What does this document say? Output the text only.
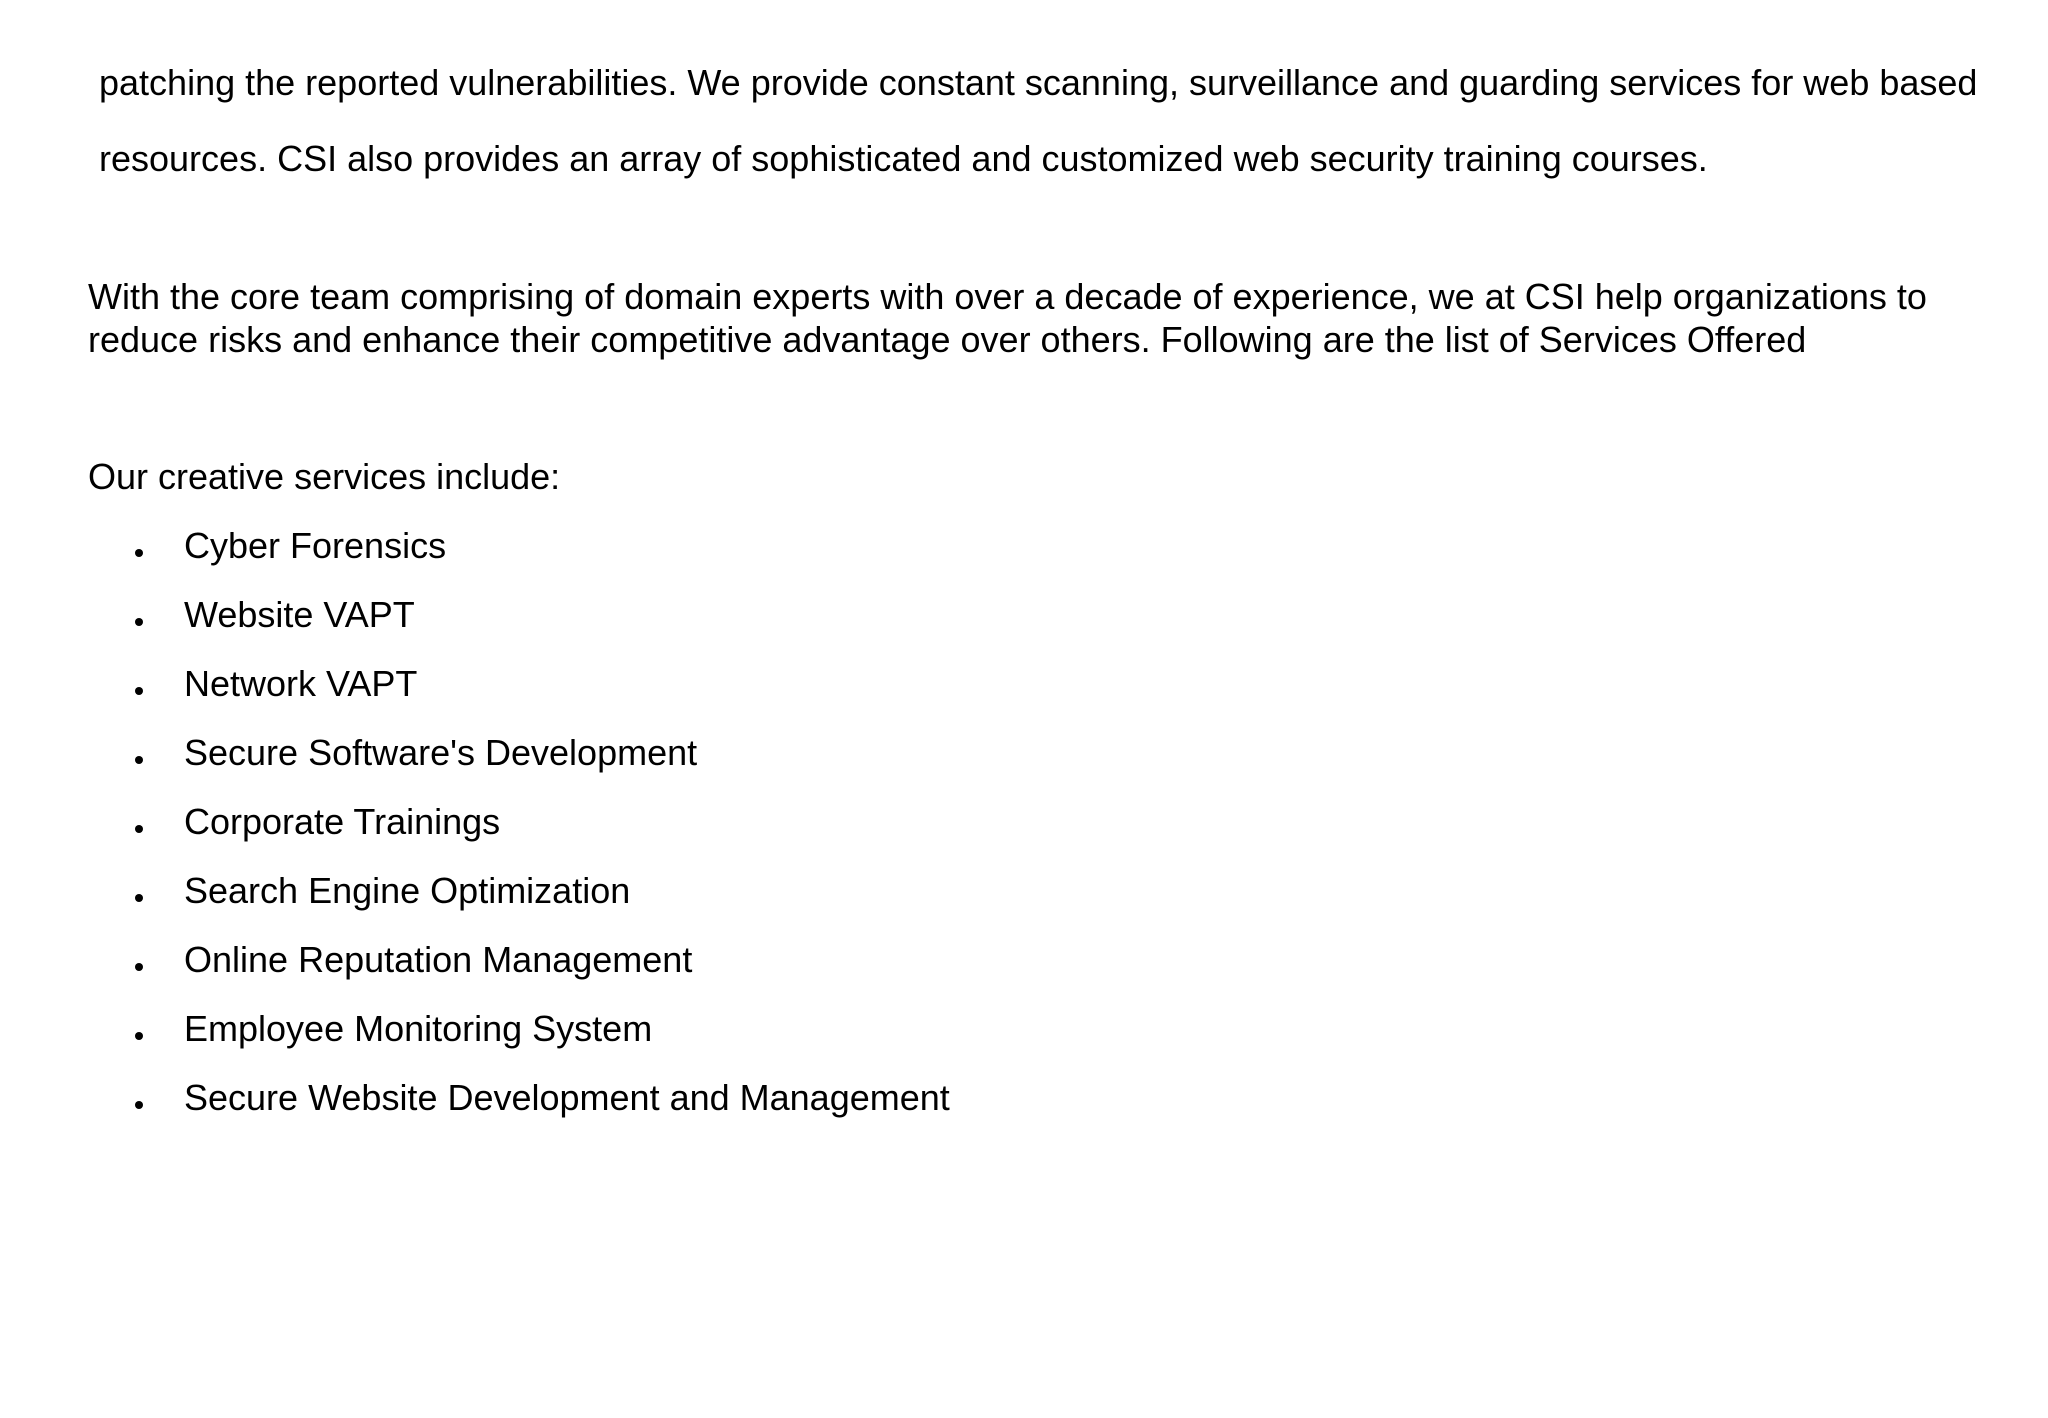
patching the reported vulnerabilities. We provide constant scanning, surveillance and guarding services for web based

resources. CSI also provides an array of sophisticated and customized web security training courses.

With the core team comprising of domain experts with over a decade of experience, we at CSI help organizations to

reduce risks and enhance their competitive advantage over others. Following are the list of Services Offered

Our creative services include:

Cyber Forensics
Website VAPT
Network VAPT
Secure Software's Development
Corporate Trainings
Search Engine Optimization
Online Reputation Management
Employee Monitoring System
Secure Website Development and Management
